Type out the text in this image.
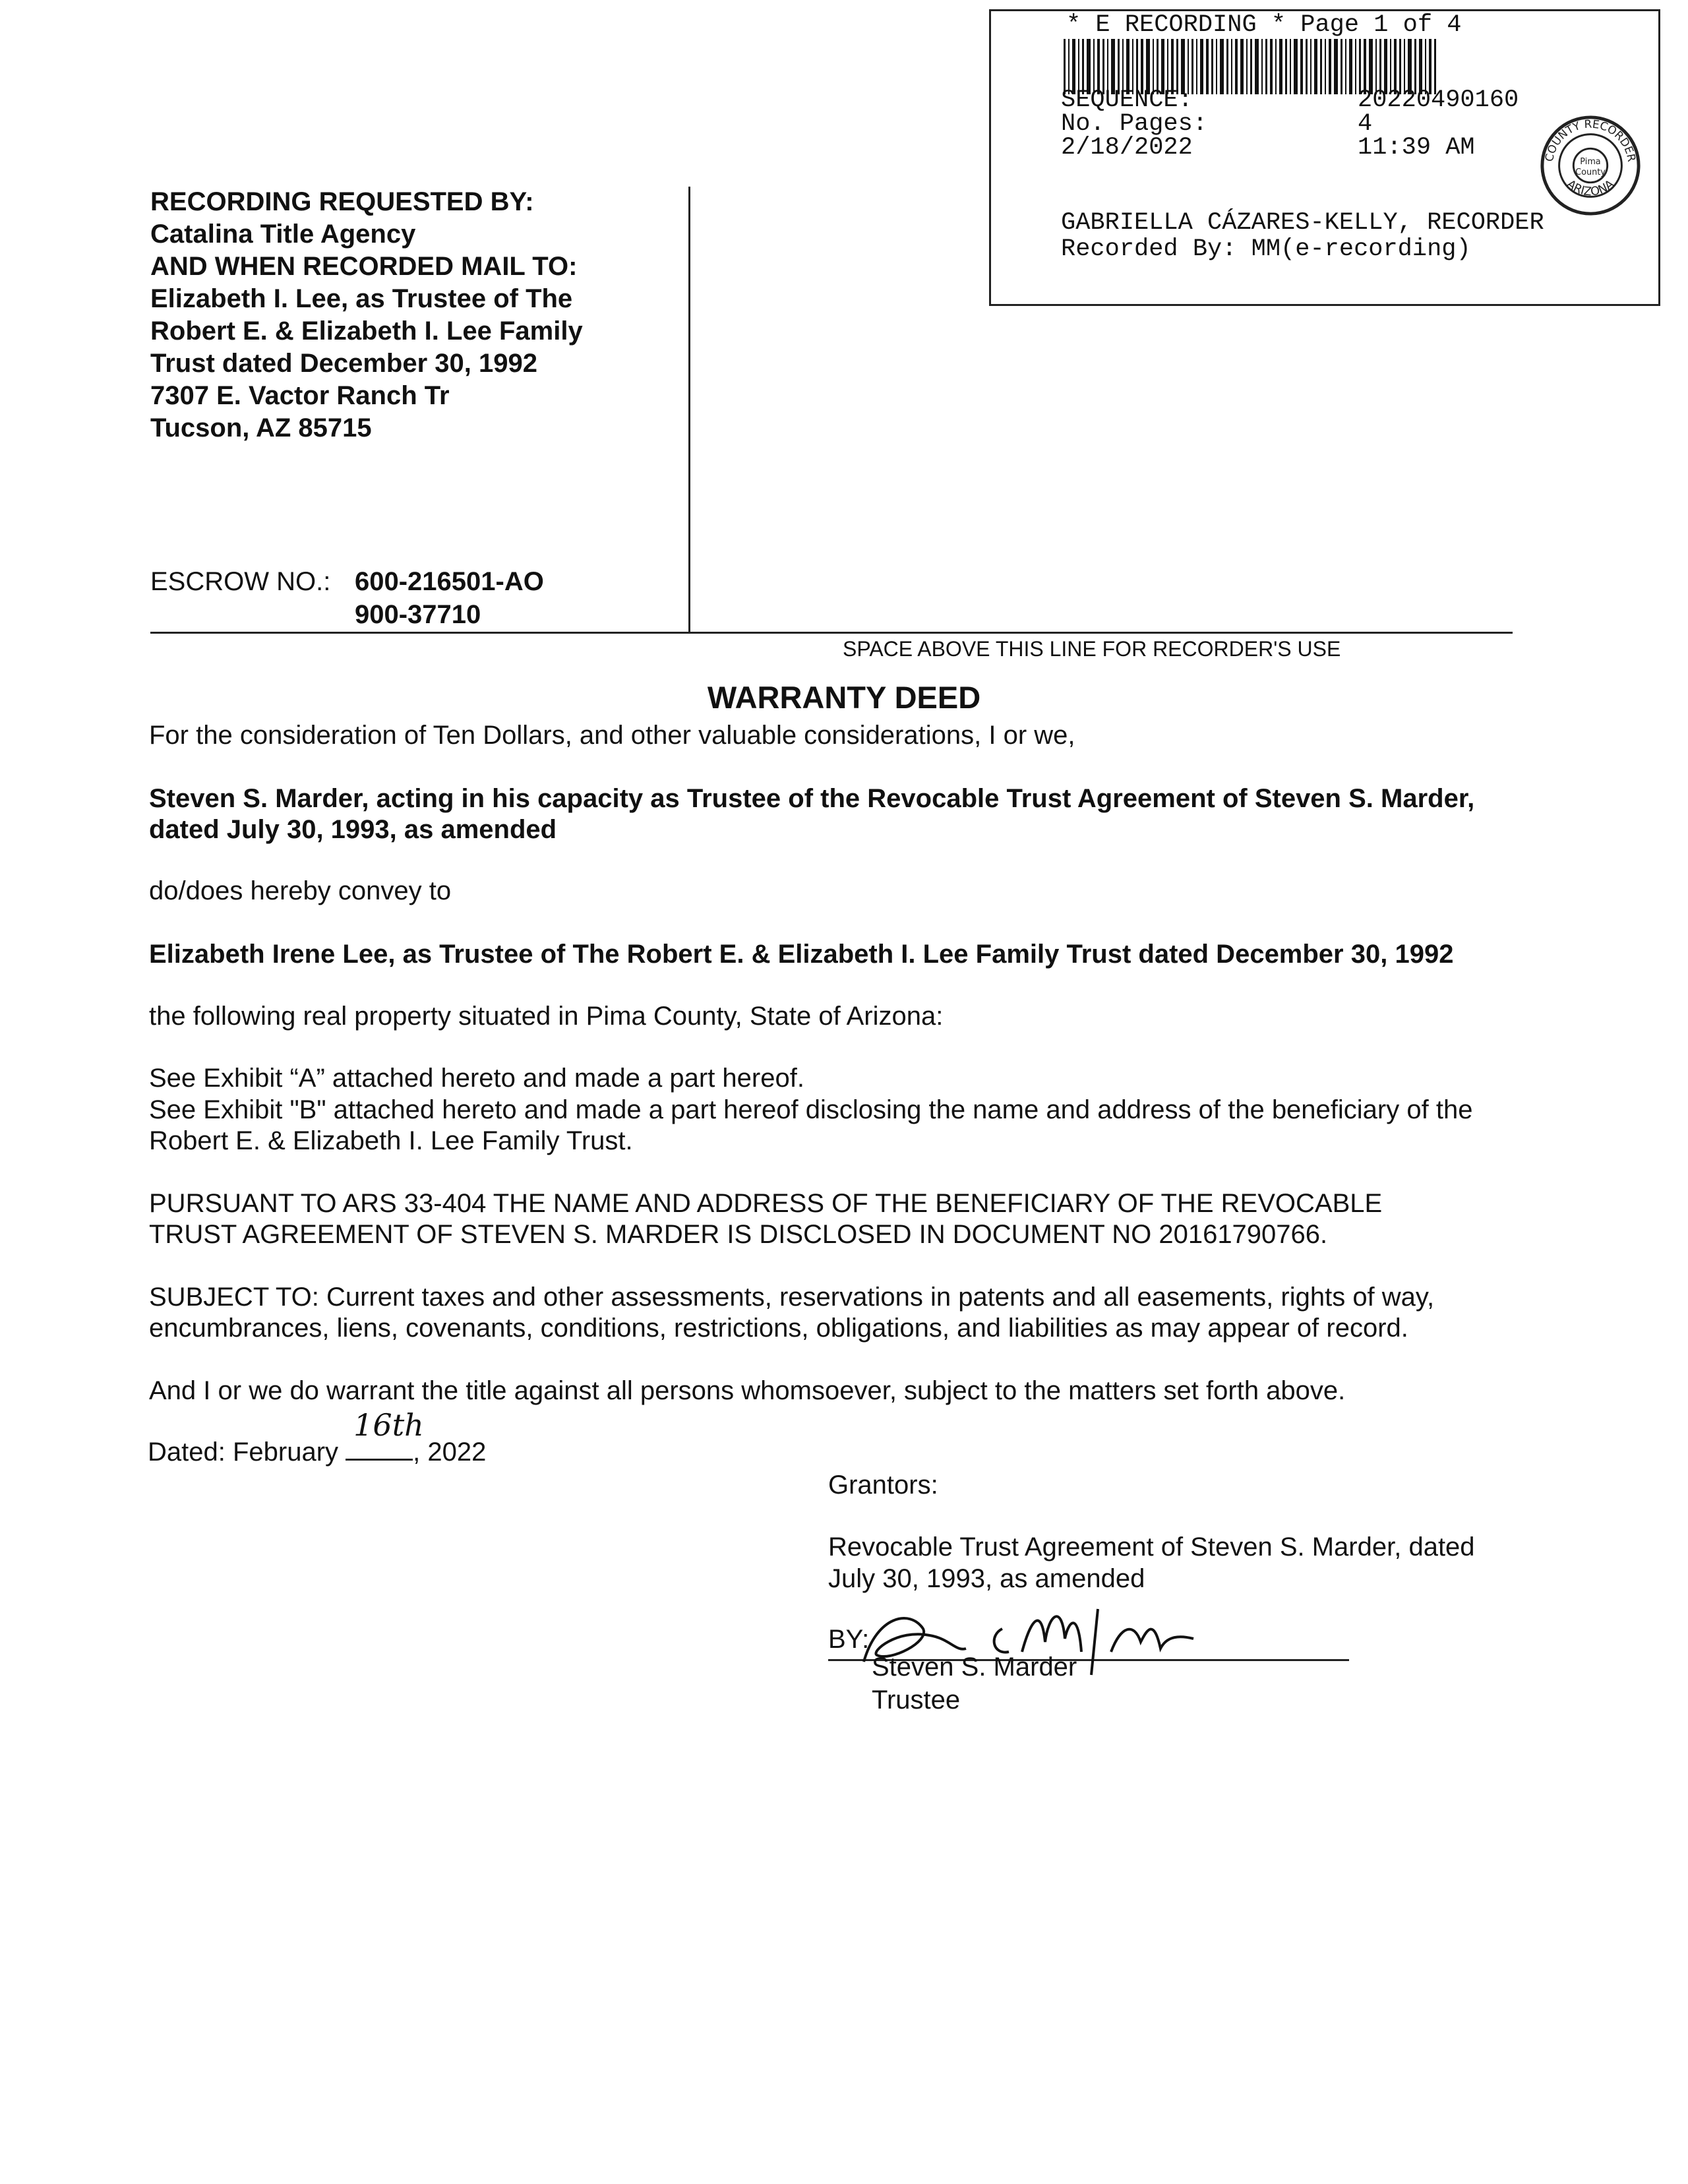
* E RECORDING * Page 1 of 4
SEQUENCE:	20220490160
No. Pages:	4
2/18/2022	11:39 AM
GABRIELLA CÁZARES-KELLY, RECORDER
Recorded By: MM(e-recording)
COUNTY RECORDER
ARIZONA
Pima
County
RECORDING REQUESTED BY:
Catalina Title Agency
AND WHEN RECORDED MAIL TO:
Elizabeth I. Lee, as Trustee of The
Robert E. & Elizabeth I. Lee Family
Trust dated December 30, 1992
7307 E. Vactor Ranch Tr
Tucson, AZ 85715
ESCROW NO.: 600-216501-AO
900-37710
SPACE ABOVE THIS LINE FOR RECORDER'S USE
WARRANTY DEED
For the consideration of Ten Dollars, and other valuable considerations, I or we,
Steven S. Marder, acting in his capacity as Trustee of the Revocable Trust Agreement of Steven S. Marder, dated July 30, 1993, as amended
do/does hereby convey to
Elizabeth Irene Lee, as Trustee of The Robert E. & Elizabeth I. Lee Family Trust dated December 30, 1992
the following real property situated in Pima County, State of Arizona:
See Exhibit “A” attached hereto and made a part hereof.
See Exhibit "B" attached hereto and made a part hereof disclosing the name and address of the beneficiary of the Robert E. & Elizabeth I. Lee Family Trust.
PURSUANT TO ARS 33-404 THE NAME AND ADDRESS OF THE BENEFICIARY OF THE REVOCABLE TRUST AGREEMENT OF STEVEN S. MARDER IS DISCLOSED IN DOCUMENT NO 20161790766.
SUBJECT TO: Current taxes and other assessments, reservations in patents and all easements, rights of way, encumbrances, liens, covenants, conditions, restrictions, obligations, and liabilities as may appear of record.
And I or we do warrant the title against all persons whomsoever, subject to the matters set forth above.
Dated: February
16th
, 2022
Grantors:
Revocable Trust Agreement of Steven S. Marder, dated
July 30, 1993, as amended
BY:
Steven S. Marder
Trustee
